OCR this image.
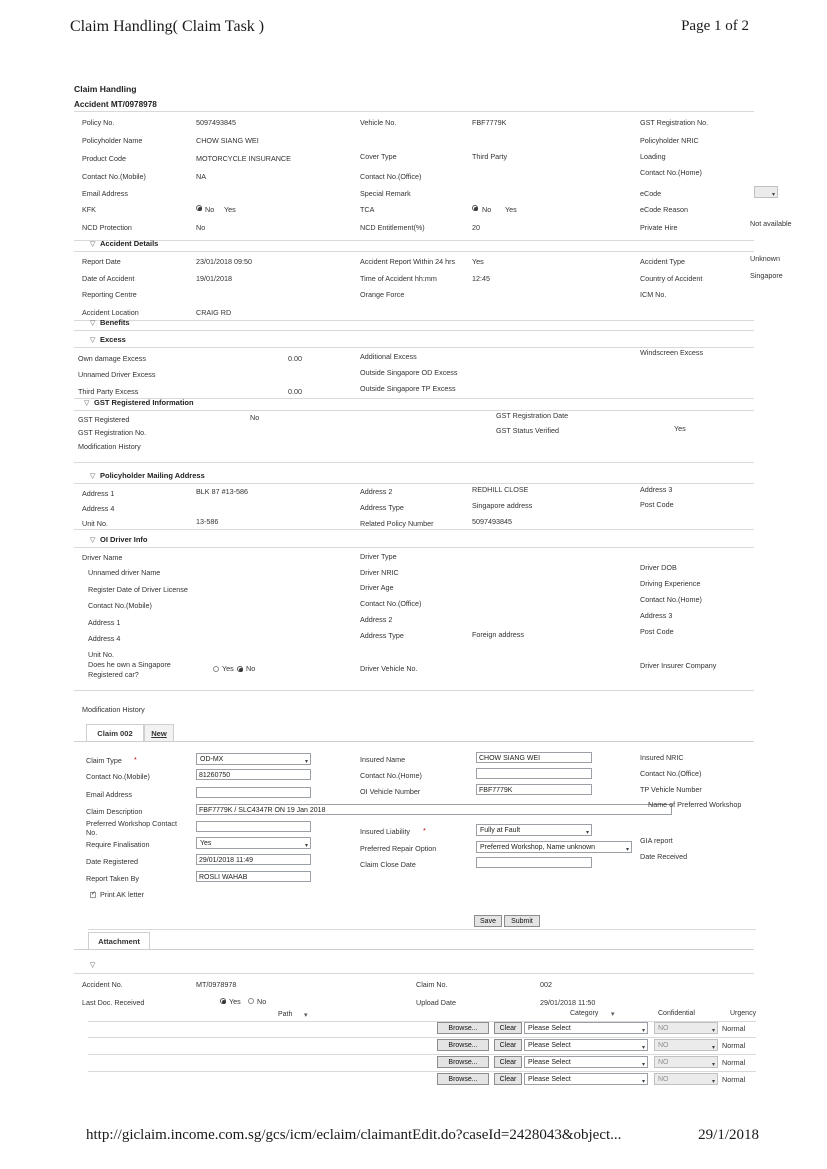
Claim Handling( Claim Task )	Page 1 of 2
Claim Handling
Accident MT/0978978
Policy No.	5097493845
Policyholder Name	CHOW SIANG WEI
Product Code	MOTORCYCLE INSURANCE
Contact No.(Mobile)	NA
Email Address
KFK	No Yes
NCD Protection	No
Vehicle No.	FBF7779K
Cover Type	Third Party
Contact No.(Office)
Special Remark
TCA	No Yes
NCD Entitlement(%)	20
GST Registration No.
Policyholder NRIC
Loading
Contact No.(Home)
eCode	▾
eCode Reason
Private Hire	Not available
▽ Accident Details
Report Date	23/01/2018 09:50
Date of Accident	19/01/2018
Reporting Centre
Accident Location	CRAIG RD
Accident Report Within 24 hrs Yes
Time of Accident hh:mm	12:45
Orange Force
Accident Type	Unknown
Country of Accident	Singapore
ICM No.
▽ Benefits
▽ Excess
Own damage Excess	0.00
Unnamed Driver Excess
Third Party Excess	0.00
Additional Excess
Outside Singapore OD Excess
Outside Singapore TP Excess
Windscreen Excess
▽ GST Registered Information
GST Registered	No
GST Registration No.
Modification History
GST Registration Date
GST Status Verified	Yes
▽ Policyholder Mailing Address
Address 1	BLK 87 #13-586
Address 4
Unit No.	13-586
Address 2	REDHILL CLOSE
Address Type	Singapore address
Related Policy Number	5097493845
Address 3
Post Code
▽ OI Driver Info
Driver Name
Unnamed driver Name
Register Date of Driver License
Contact No.(Mobile)
Address 1
Address 4
Unit No.
Does he own a Singapore Registered car?
Yes No
Driver Type
Driver NRIC
Driver Age
Contact No.(Office)
Address 2
Address Type	Foreign address
Driver Vehicle No.
Driver DOB
Driving Experience
Contact No.(Home)
Address 3
Post Code
Driver Insurer Company
Modification History
Claim 002	New
Claim Type *	OD-MX	▾
Contact No.(Mobile)	81260750
Email Address
Claim Description	FBF7779K / SLC4347R ON 19 Jan 2018
Preferred Workshop Contact No.
Require Finalisation	Yes	▾
Date Registered	29/01/2018 11:49
Report Taken By	ROSLI WAHAB
✓
Print AK letter
Insured Name	CHOW SIANG WEI
Contact No.(Home)
OI Vehicle Number	FBF7779K
Insured Liability *	Fully at Fault	▾
Preferred Repair Option	Preferred Workshop, Name unknown	▾
Claim Close Date
Insured NRIC
Contact No.(Office)
TP Vehicle Number
Name of Preferred Workshop
GIA report
Date Received
Save	Submit
Attachment
▽
Accident No.	MT/0978978	Claim No.	002
Last Doc. Received	Yes No	Upload Date	29/01/2018 11:50
Path ▾	Category ▾	Confidential	Urgency
Browse...	Clear	Please Select	▾	NO	▾ Normal
Browse...	Clear	Please Select	▾	NO	▾ Normal
Browse...	Clear	Please Select	▾	NO	▾ Normal
Browse...	Clear	Please Select	▾	NO	▾ Normal
http://giclaim.income.com.sg/gcs/icm/eclaim/claimantEdit.do?caseId=2428043&object...	29/1/2018
